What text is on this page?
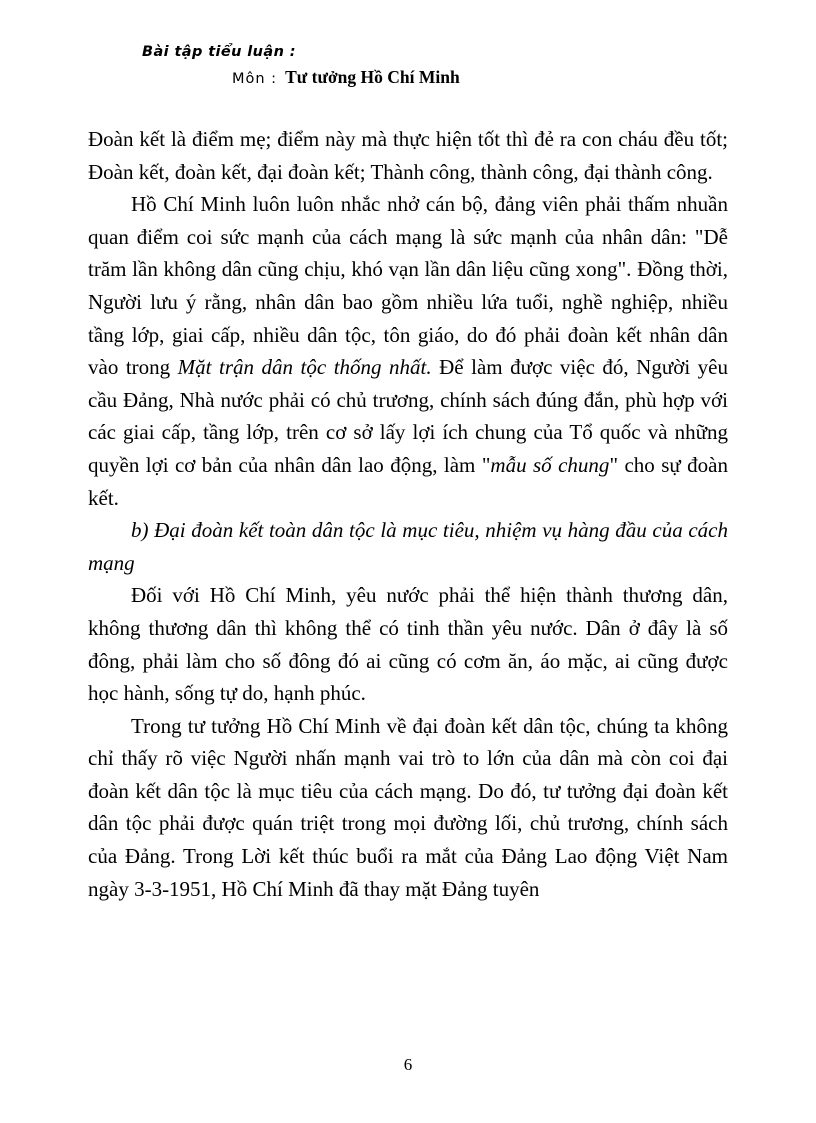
Bài tập tiểu luận :
Môn : Tư tưởng Hồ Chí Minh

Đoàn kết là điểm mẹ; điểm này mà thực hiện tốt thì đẻ ra con cháu đều tốt; Đoàn kết, đoàn kết, đại đoàn kết; Thành công, thành công, đại thành công.

Hồ Chí Minh luôn luôn nhắc nhở cán bộ, đảng viên phải thấm nhuần quan điểm coi sức mạnh của cách mạng là sức mạnh của nhân dân: "Dễ trăm lần không dân cũng chịu, khó vạn lần dân liệu cũng xong". Đồng thời, Người lưu ý rằng, nhân dân bao gồm nhiều lứa tuổi, nghề nghiệp, nhiều tầng lớp, giai cấp, nhiều dân tộc, tôn giáo, do đó phải đoàn kết nhân dân vào trong Mặt trận dân tộc thống nhất. Để làm được việc đó, Người yêu cầu Đảng, Nhà nước phải có chủ trương, chính sách đúng đắn, phù hợp với các giai cấp, tầng lớp, trên cơ sở lấy lợi ích chung của Tổ quốc và những quyền lợi cơ bản của nhân dân lao động, làm "mẫu số chung" cho sự đoàn kết.

b) Đại đoàn kết toàn dân tộc là mục tiêu, nhiệm vụ hàng đầu của cách mạng

Đối với Hồ Chí Minh, yêu nước phải thể hiện thành thương dân, không thương dân thì không thể có tinh thần yêu nước. Dân ở đây là số đông, phải làm cho số đông đó ai cũng có cơm ăn, áo mặc, ai cũng được học hành, sống tự do, hạnh phúc.

Trong tư tưởng Hồ Chí Minh về đại đoàn kết dân tộc, chúng ta không chỉ thấy rõ việc Người nhấn mạnh vai trò to lớn của dân mà còn coi đại đoàn kết dân tộc là mục tiêu của cách mạng. Do đó, tư tưởng đại đoàn kết dân tộc phải được quán triệt trong mọi đường lối, chủ trương, chính sách của Đảng. Trong Lời kết thúc buổi ra mắt của Đảng Lao động Việt Nam ngày 3-3-1951, Hồ Chí Minh đã thay mặt Đảng tuyên

6
